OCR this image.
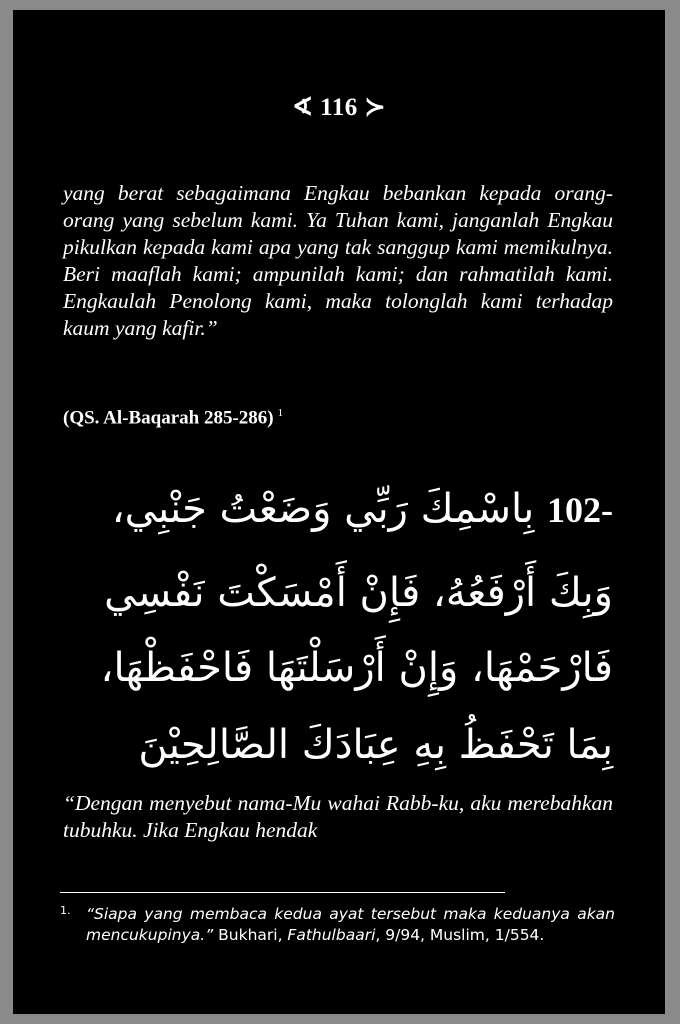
∢ 116 ≻

yang berat sebagaimana Engkau bebankan kepada orang-orang yang sebelum kami. Ya Tuhan kami, janganlah Engkau pikulkan kepada kami apa yang tak sanggup kami memikulnya. Beri maaflah kami; ampunilah kami; dan rahmatilah kami. Engkaulah Penolong kami, maka tolonglah kami terhadap kaum yang kafir.”

(QS. Al-Baqarah 285-286) $^1$
-102 بِاسْمِكَ رَبِّي وَضَعْتُ جَنْبِي،
وَبِكَ أَرْفَعُهُ، فَإِنْ أَمْسَكْتَ نَفْسِي
فَارْحَمْهَا، وَإِنْ أَرْسَلْتَهَا فَاحْفَظْهَا،
بِمَا تَحْفَظُ بِهِ عِبَادَكَ الصَّالِحِيْنَ

“Dengan menyebut nama-Mu wahai Rabb-ku, aku merebahkan tubuhku. Jika Engkau hendak

1. “Siapa yang membaca kedua ayat tersebut maka keduanya akan mencukupinya.” Bukhari, Fathulbaari, 9/94, Muslim, 1/554.
